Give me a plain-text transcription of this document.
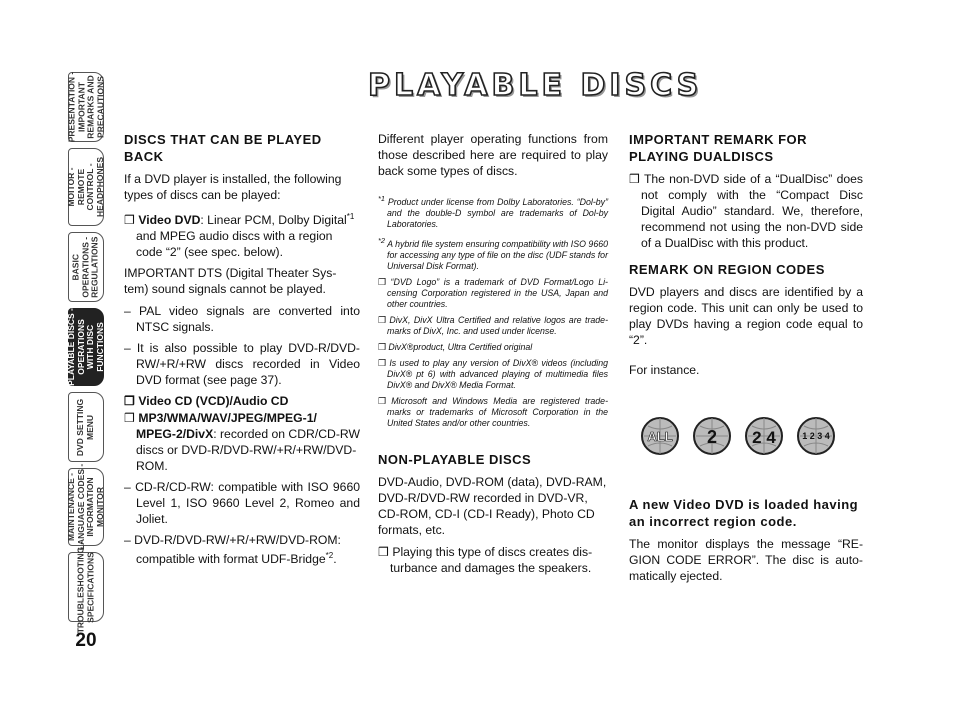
PRESENTATION -
IMPORTANT
REMARKS AND
PRECAUTIONS
MOITOR -
REMOTE
CONTROL -
HEADPHONES
BASIC
OPERATIONS -
REGULATIONS
PLAYABLE DISCS -
OPERATIONS
WITH DISC
FUNCTIONS
DVD SETTING
MENU
MAINTENANCE -
LANGUAGE CODES -
INFORMATION
MONITOR
TROUBLESHOOTING -
SPECIFICATIONS
20
PLAYABLE DISCS
DISCS THAT CAN BE PLAYED BACK

If a DVD player is installed, the following types of discs can be played:

❒ Video DVD: Linear PCM, Dolby Digital$^{*1}$ and MPEG audio discs with a region code “2” (see spec. below).

IMPORTANT DTS (Digital Theater Sys-tem) sound signals cannot be played.

– PAL video signals are converted into NTSC signals.

– It is also possible to play DVD-R/DVD-RW/+R/+RW discs recorded in Video DVD format (see page 37).

❒ Video CD (VCD)/Audio CD

❒ MP3/WMA/WAV/JPEG/MPEG-1/ MPEG-2/DivX: recorded on CDR/CD-RW discs or DVD-R/DVD-RW/+R/+RW/DVD-ROM.

– CD-R/CD-RW: compatible with ISO 9660 Level 1, ISO 9660 Level 2, Romeo and Joliet.

– DVD-R/DVD-RW/+R/+RW/DVD-ROM: compatible with format UDF-Bridge$^{*2}$.

Different player operating functions from those described here are required to play back some types of discs.

$^{*1}$ Product under license from Dolby Laboratories. “Dol-by” and the double-D symbol are trademarks of Dol-by Laboratories.

$^{*2}$ A hybrid file system ensuring compatibility with ISO 9660 for accessing any type of file on the disc (UDF stands for Universal Disk Format).

❒ “DVD Logo” is a trademark of DVD Format/Logo Li-censing Corporation registered in the USA, Japan and other countries.

❒ DivX, DivX Ultra Certified and relative logos are trade-marks of DivX, Inc. and used under license.

❒ DivX®product, Ultra Certified original

❒ Is used to play any version of DivX® videos (including DivX® pt 6) with advanced playing of multimedia files DivX® and DivX® Media Format.

❒ Microsoft and Windows Media are registered trade-marks or trademarks of Microsoft Corporation in the United States and/or other countries.

NON-PLAYABLE DISCS

DVD-Audio, DVD-ROM (data), DVD-RAM, DVD-R/DVD-RW recorded in DVD-VR, CD-ROM, CD-I (CD-I Ready), Photo CD formats, etc.

❒ Playing this type of discs creates dis-turbance and damages the speakers.

IMPORTANT REMARK FOR PLAYING DUALDISCS

❒ The non-DVD side of a “DualDisc” does not comply with the “Compact Disc Digital Audio” standard. We, therefore, recommend not using the non-DVD side of a DualDisc with this product.

REMARK ON REGION CODES

DVD players and discs are identified by a region code. This unit can only be used to play DVDs having a region code equal to “2”.

For instance.

ALL 2 2 4	1 2 3 4
A new Video DVD is loaded having an incorrect region code.

The monitor displays the message “RE-GION CODE ERROR”. The disc is auto-matically ejected.
